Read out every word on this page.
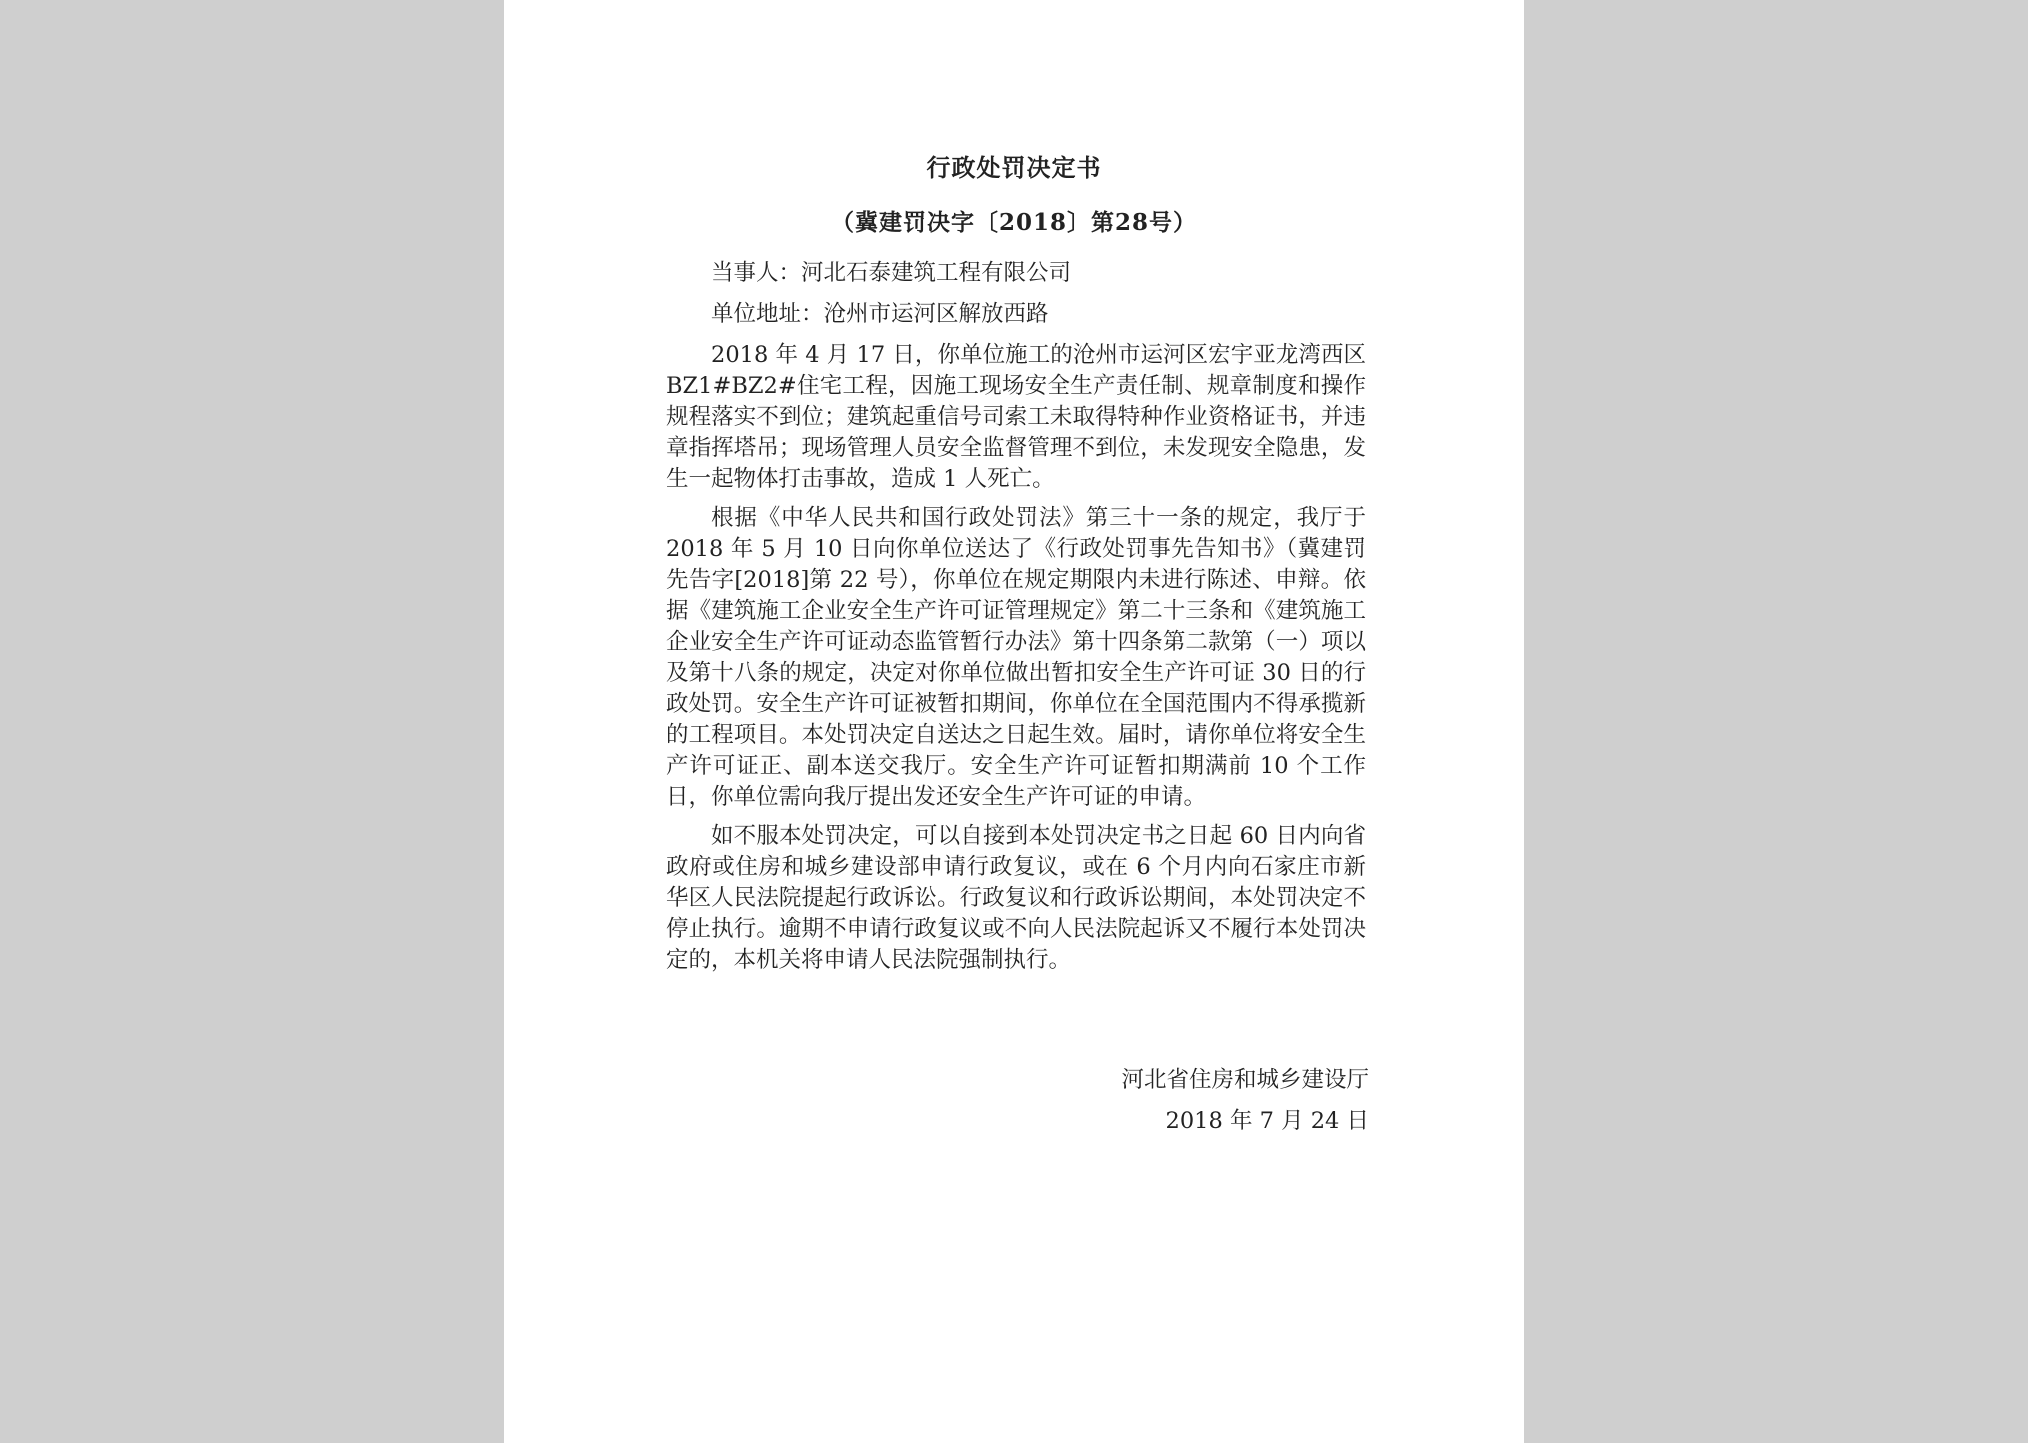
行政处罚决定书
（冀建罚决字〔2018〕第28号）
当事人：河北石泰建筑工程有限公司
单位地址：沧州市运河区解放西路

2018 年 4 月 17 日，你单位施工的沧州市运河区宏宇亚龙湾西区 BZ1#BZ2#住宅工程，因施工现场安全生产责任制、规章制度和操作规程落实不到位；建筑起重信号司索工未取得特种作业资格证书，并违章指挥塔吊；现场管理人员安全监督管理不到位，未发现安全隐患，发生一起物体打击事故，造成 1 人死亡。

根据《中华人民共和国行政处罚法》第三十一条的规定，我厅于 2018 年 5 月 10 日向你单位送达了《行政处罚事先告知书》（冀建罚先告字[2018]第 22 号），你单位在规定期限内未进行陈述、申辩。依据《建筑施工企业安全生产许可证管理规定》第二十三条和《建筑施工企业安全生产许可证动态监管暂行办法》第十四条第二款第（一）项以及第十八条的规定，决定对你单位做出暂扣安全生产许可证 30 日的行政处罚。安全生产许可证被暂扣期间，你单位在全国范围内不得承揽新的工程项目。本处罚决定自送达之日起生效。届时，请你单位将安全生产许可证正、副本送交我厅。安全生产许可证暂扣期满前 10 个工作日，你单位需向我厅提出发还安全生产许可证的申请。

如不服本处罚决定，可以自接到本处罚决定书之日起 60 日内向省政府或住房和城乡建设部申请行政复议，或在 6 个月内向石家庄市新华区人民法院提起行政诉讼。行政复议和行政诉讼期间，本处罚决定不停止执行。逾期不申请行政复议或不向人民法院起诉又不履行本处罚决定的，本机关将申请人民法院强制执行。

河北省住房和城乡建设厅
2018 年 7 月 24 日
